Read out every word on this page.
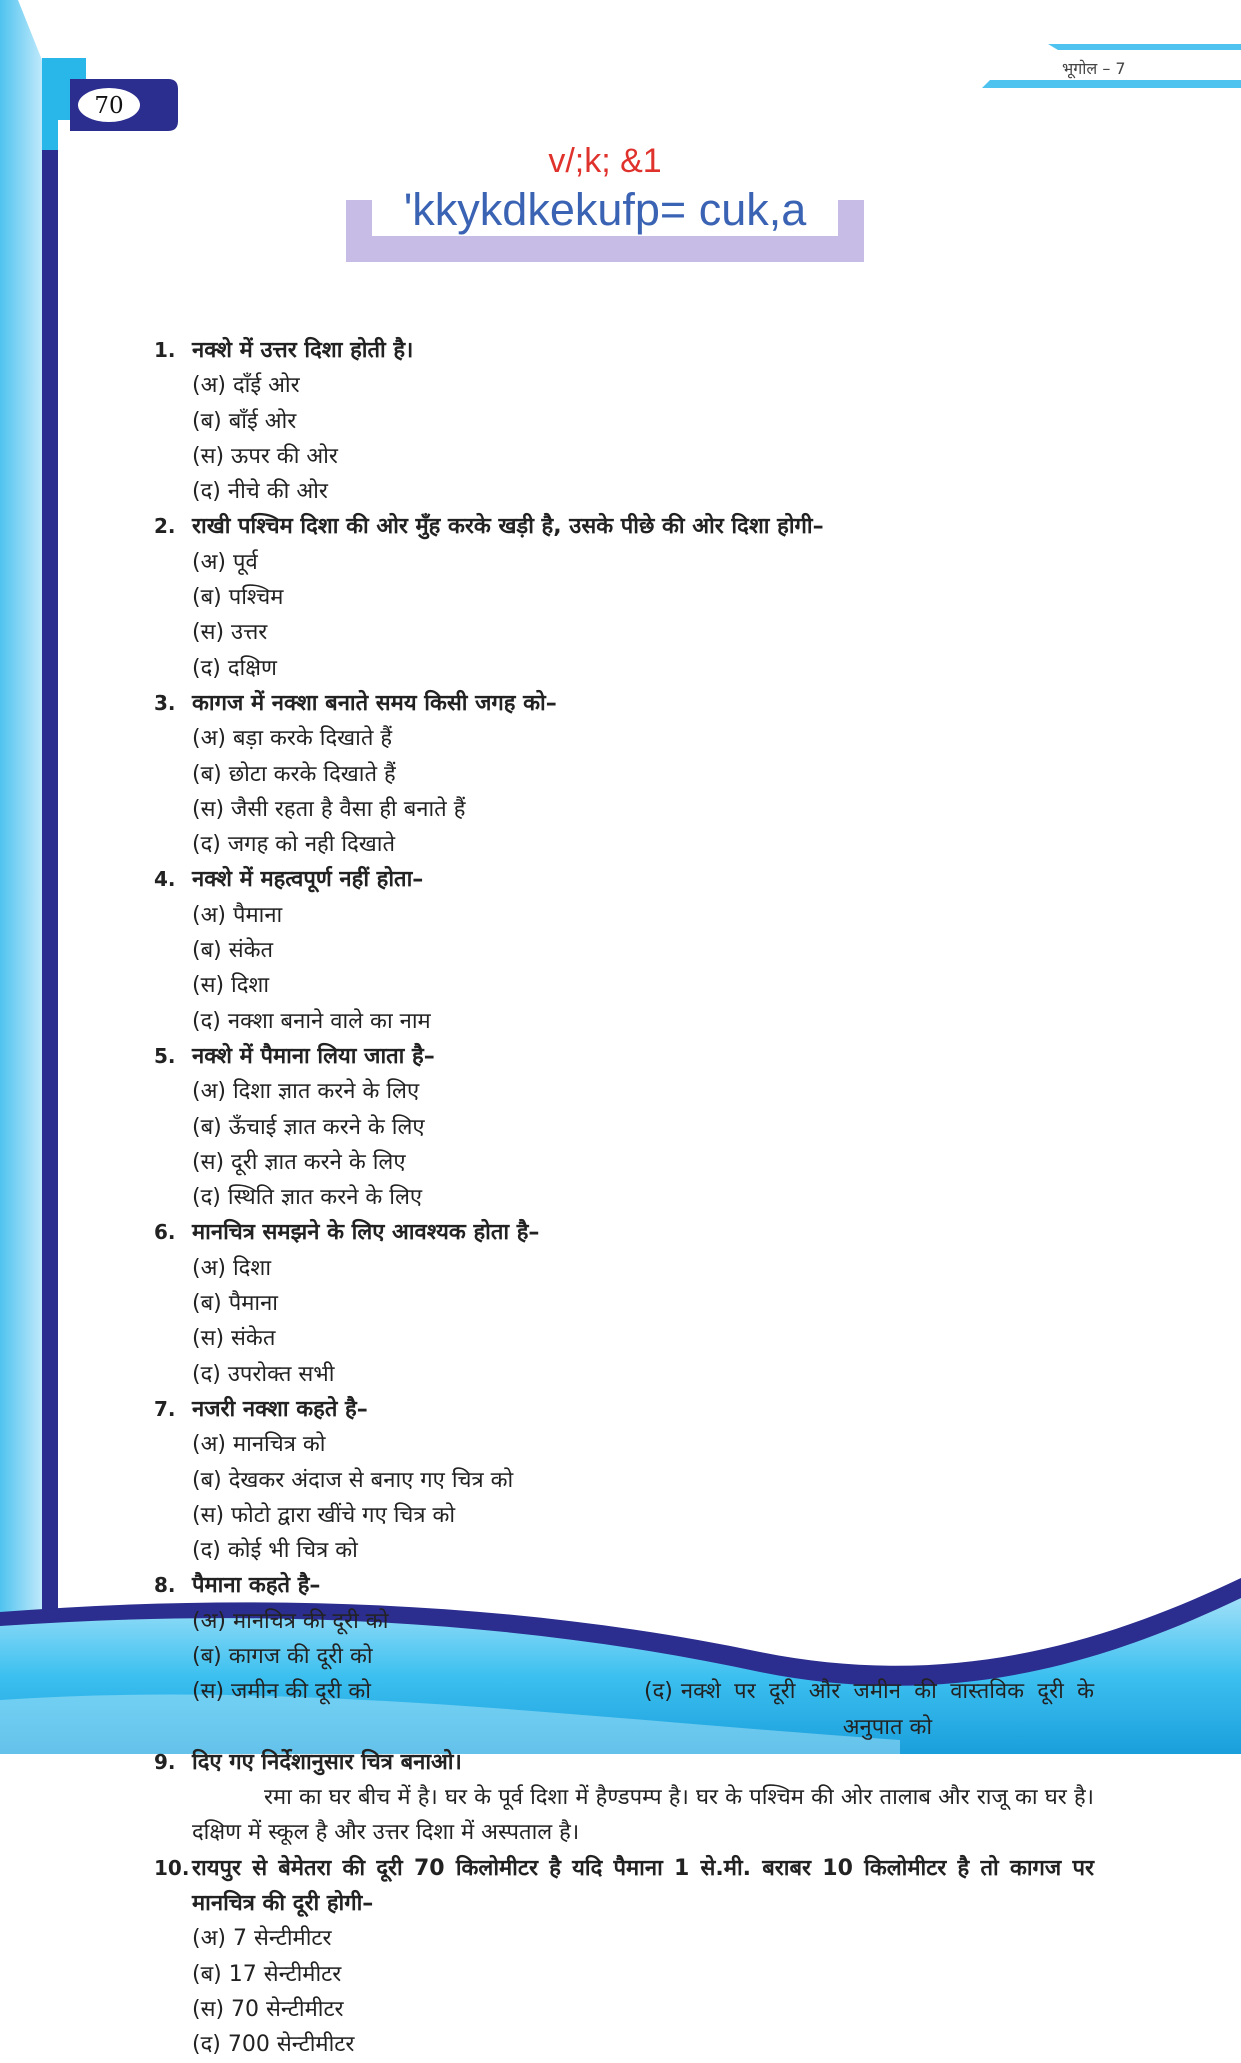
70
भूगोल – 7
v/;k; &1
'kkykdkekufp= cuk,a
1. नक्शे में उत्तर दिशा होती है।
(अ) दाँई ओर
(ब) बाँई ओर
(स) ऊपर की ओर
(द) नीचे की ओर
2. राखी पश्चिम दिशा की ओर मुँह करके खड़ी है, उसके पीछे की ओर दिशा होगी–
(अ) पूर्व
(ब) पश्चिम
(स) उत्तर
(द) दक्षिण
3. कागज में नक्शा बनाते समय किसी जगह को–
(अ) बड़ा करके दिखाते हैं
(ब) छोटा करके दिखाते हैं
(स) जैसी रहता है वैसा ही बनाते हैं
(द) जगह को नही दिखाते
4. नक्शे में महत्वपूर्ण नहीं होता–
(अ) पैमाना
(ब) संकेत
(स) दिशा
(द) नक्शा बनाने वाले का नाम
5. नक्शे में पैमाना लिया जाता है–
(अ) दिशा ज्ञात करने के लिए
(ब) ऊँचाई ज्ञात करने के लिए
(स) दूरी ज्ञात करने के लिए
(द) स्थिति ज्ञात करने के लिए
6. मानचित्र समझने के लिए आवश्यक होता है–
(अ) दिशा
(ब) पैमाना
(स) संकेत
(द) उपरोक्त सभी
7. नजरी नक्शा कहते है–
(अ) मानचित्र को
(ब) देखकर अंदाज से बनाए गए चित्र को
(स) फोटो द्वारा खींचे गए चित्र को
(द) कोई भी चित्र को
8. पैमाना कहते है–
(अ) मानचित्र की दूरी को
(ब) कागज की दूरी को
(स) जमीन की दूरी को	(द) नक्शे पर दूरी और जमीन की वास्तविक दूरी के अनुपात को
9. दिए गए निर्देशानुसार चित्र बनाओ।
रमा का घर बीच में है। घर के पूर्व दिशा में हैण्डपम्प है। घर के पश्चिम की ओर तालाब और राजू का घर है। दक्षिण में स्कूल है और उत्तर दिशा में अस्पताल है।
10. रायपुर से बेमेतरा की दूरी 70 किलोमीटर है यदि पैमाना 1 से.मी. बराबर 10 किलोमीटर है तो कागज पर मानचित्र की दूरी होगी–
(अ) 7 सेन्टीमीटर
(ब) 17 सेन्टीमीटर
(स) 70 सेन्टीमीटर
(द) 700 सेन्टीमीटर
